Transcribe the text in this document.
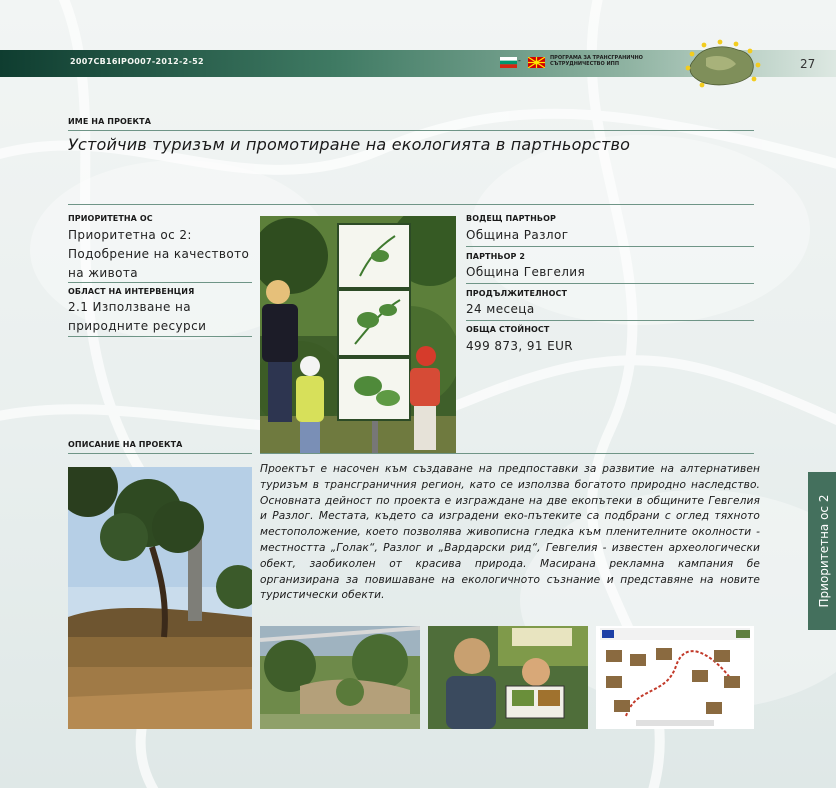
2007CB16IPO007-2012-2-52	-	ПРОГРАМА ЗА ТРАНСГРАНИЧНО СЪТРУДНИЧЕСТВО ИПП	27
ИМЕ НА ПРОЕКТА
Устойчив туризъм и промотиране на екологията в партньорство
ПРИОРИТЕТНА ОС
Приоритетна ос 2: Подобрение на качеството на живота
ОБЛАСТ НА ИНТЕРВЕНЦИЯ
2.1 Използване на природните ресурси
ВОДЕЩ ПАРТНЬОР
Община Разлог
ПАРТНЬОР 2
Община Гевгелия
ПРОДЪЛЖИТЕЛНОСТ
24 месеца
ОБЩА СТОЙНОСТ
499 873, 91 EUR
ОПИСАНИЕ НА ПРОЕКТА
Проектът е насочен към създаване на предпоставки за развитие на алтернативен туризъм в трансграничния регион, като се използва богатото природно наследство. Основната дейност по проекта е изграждане на две екопътеки в общините Гевгелия и Разлог. Местата, където са изградени еко-пътеките са подбрани с оглед тяхното местоположение, което позволява живописна гледка към пленителните околности - местността „Голак“, Разлог и „Вардарски рид“, Гевгелия - известен археологически обект, заобиколен от красива природа. Масирана рекламна кампания бе организирана за повишаване на екологичното съзнание и представяне на новите туристически обекти.	Приоритетна ос 2
